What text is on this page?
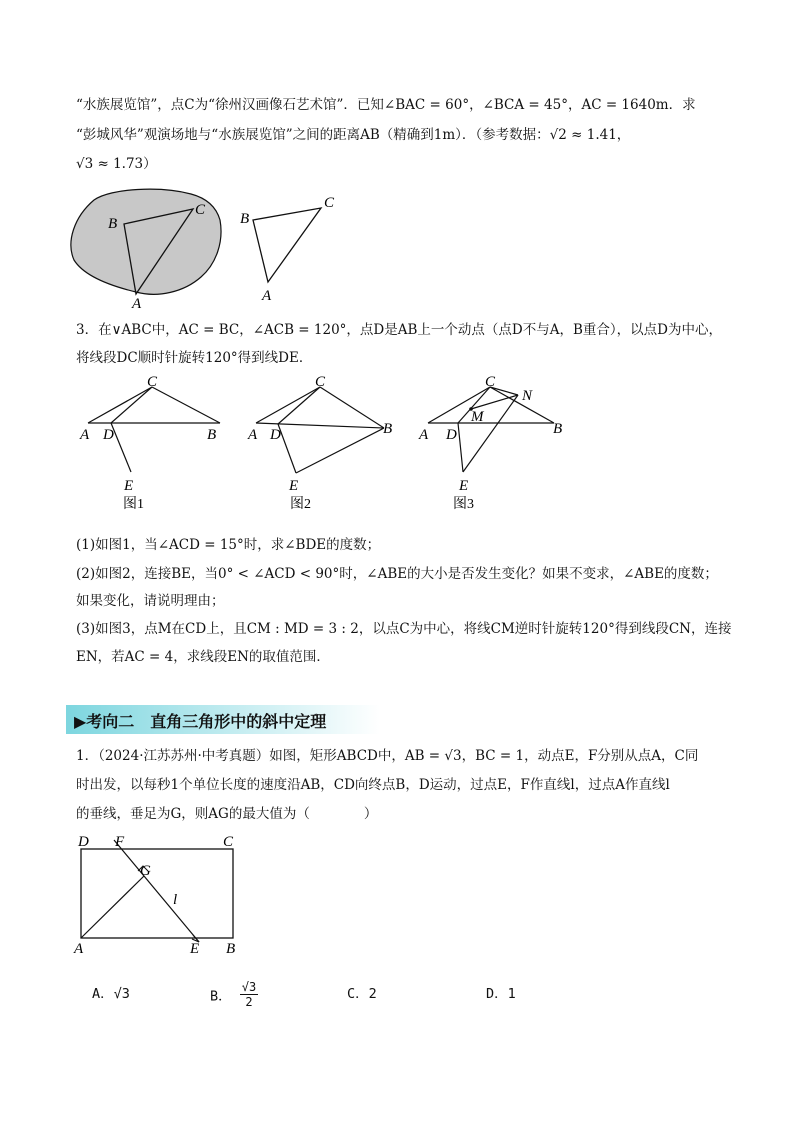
“水族展览馆”，点C为“徐州汉画像石艺术馆”．已知∠BAC = 60°，∠BCA = 45°，AC = 1640m．求
“彭城风华”观演场地与“水族展览馆”之间的距离AB（精确到1m）．（参考数据：√2 ≈ 1.41，
√3 ≈ 1.73）
B
C
A
B
C
A
3．在∨ABC中，AC = BC，∠ACB = 120°，点D是AB上一个动点（点D不与A，B重合），以点D为中心，
将线段DC顺时针旋转120°得到线DE．
C
A D	B
E
图1
C
A D	B
E
图2
C
N
M
A D	B
E
图3
(1)如图1，当∠ACD = 15°时，求∠BDE的度数；
(2)如图2，连接BE，当0° < ∠ACD < 90°时，∠ABE的大小是否发生变化？如果不变求，∠ABE的度数；
如果变化，请说明理由；
(3)如图3，点M在CD上，且CM : MD = 3 : 2，以点C为中心，将线CM逆时针旋转120°得到线段CN，连接
EN，若AC = 4，求线段EN的取值范围．
▶考向二　直角三角形中的斜中定理
1．（2024·江苏苏州·中考真题）如图，矩形ABCD中，AB = √3，BC = 1，动点E，F分别从点A，C同
时出发，以每秒1个单位长度的速度沿AB，CD向终点B，D运动，过点E，F作直线l，过点A作直线l
的垂线，垂足为G，则AG的最大值为（　　　　）
D F	C
G
l
A	E B
A．√3	B． $\frac{√3}{2}$	C．2	D．1
